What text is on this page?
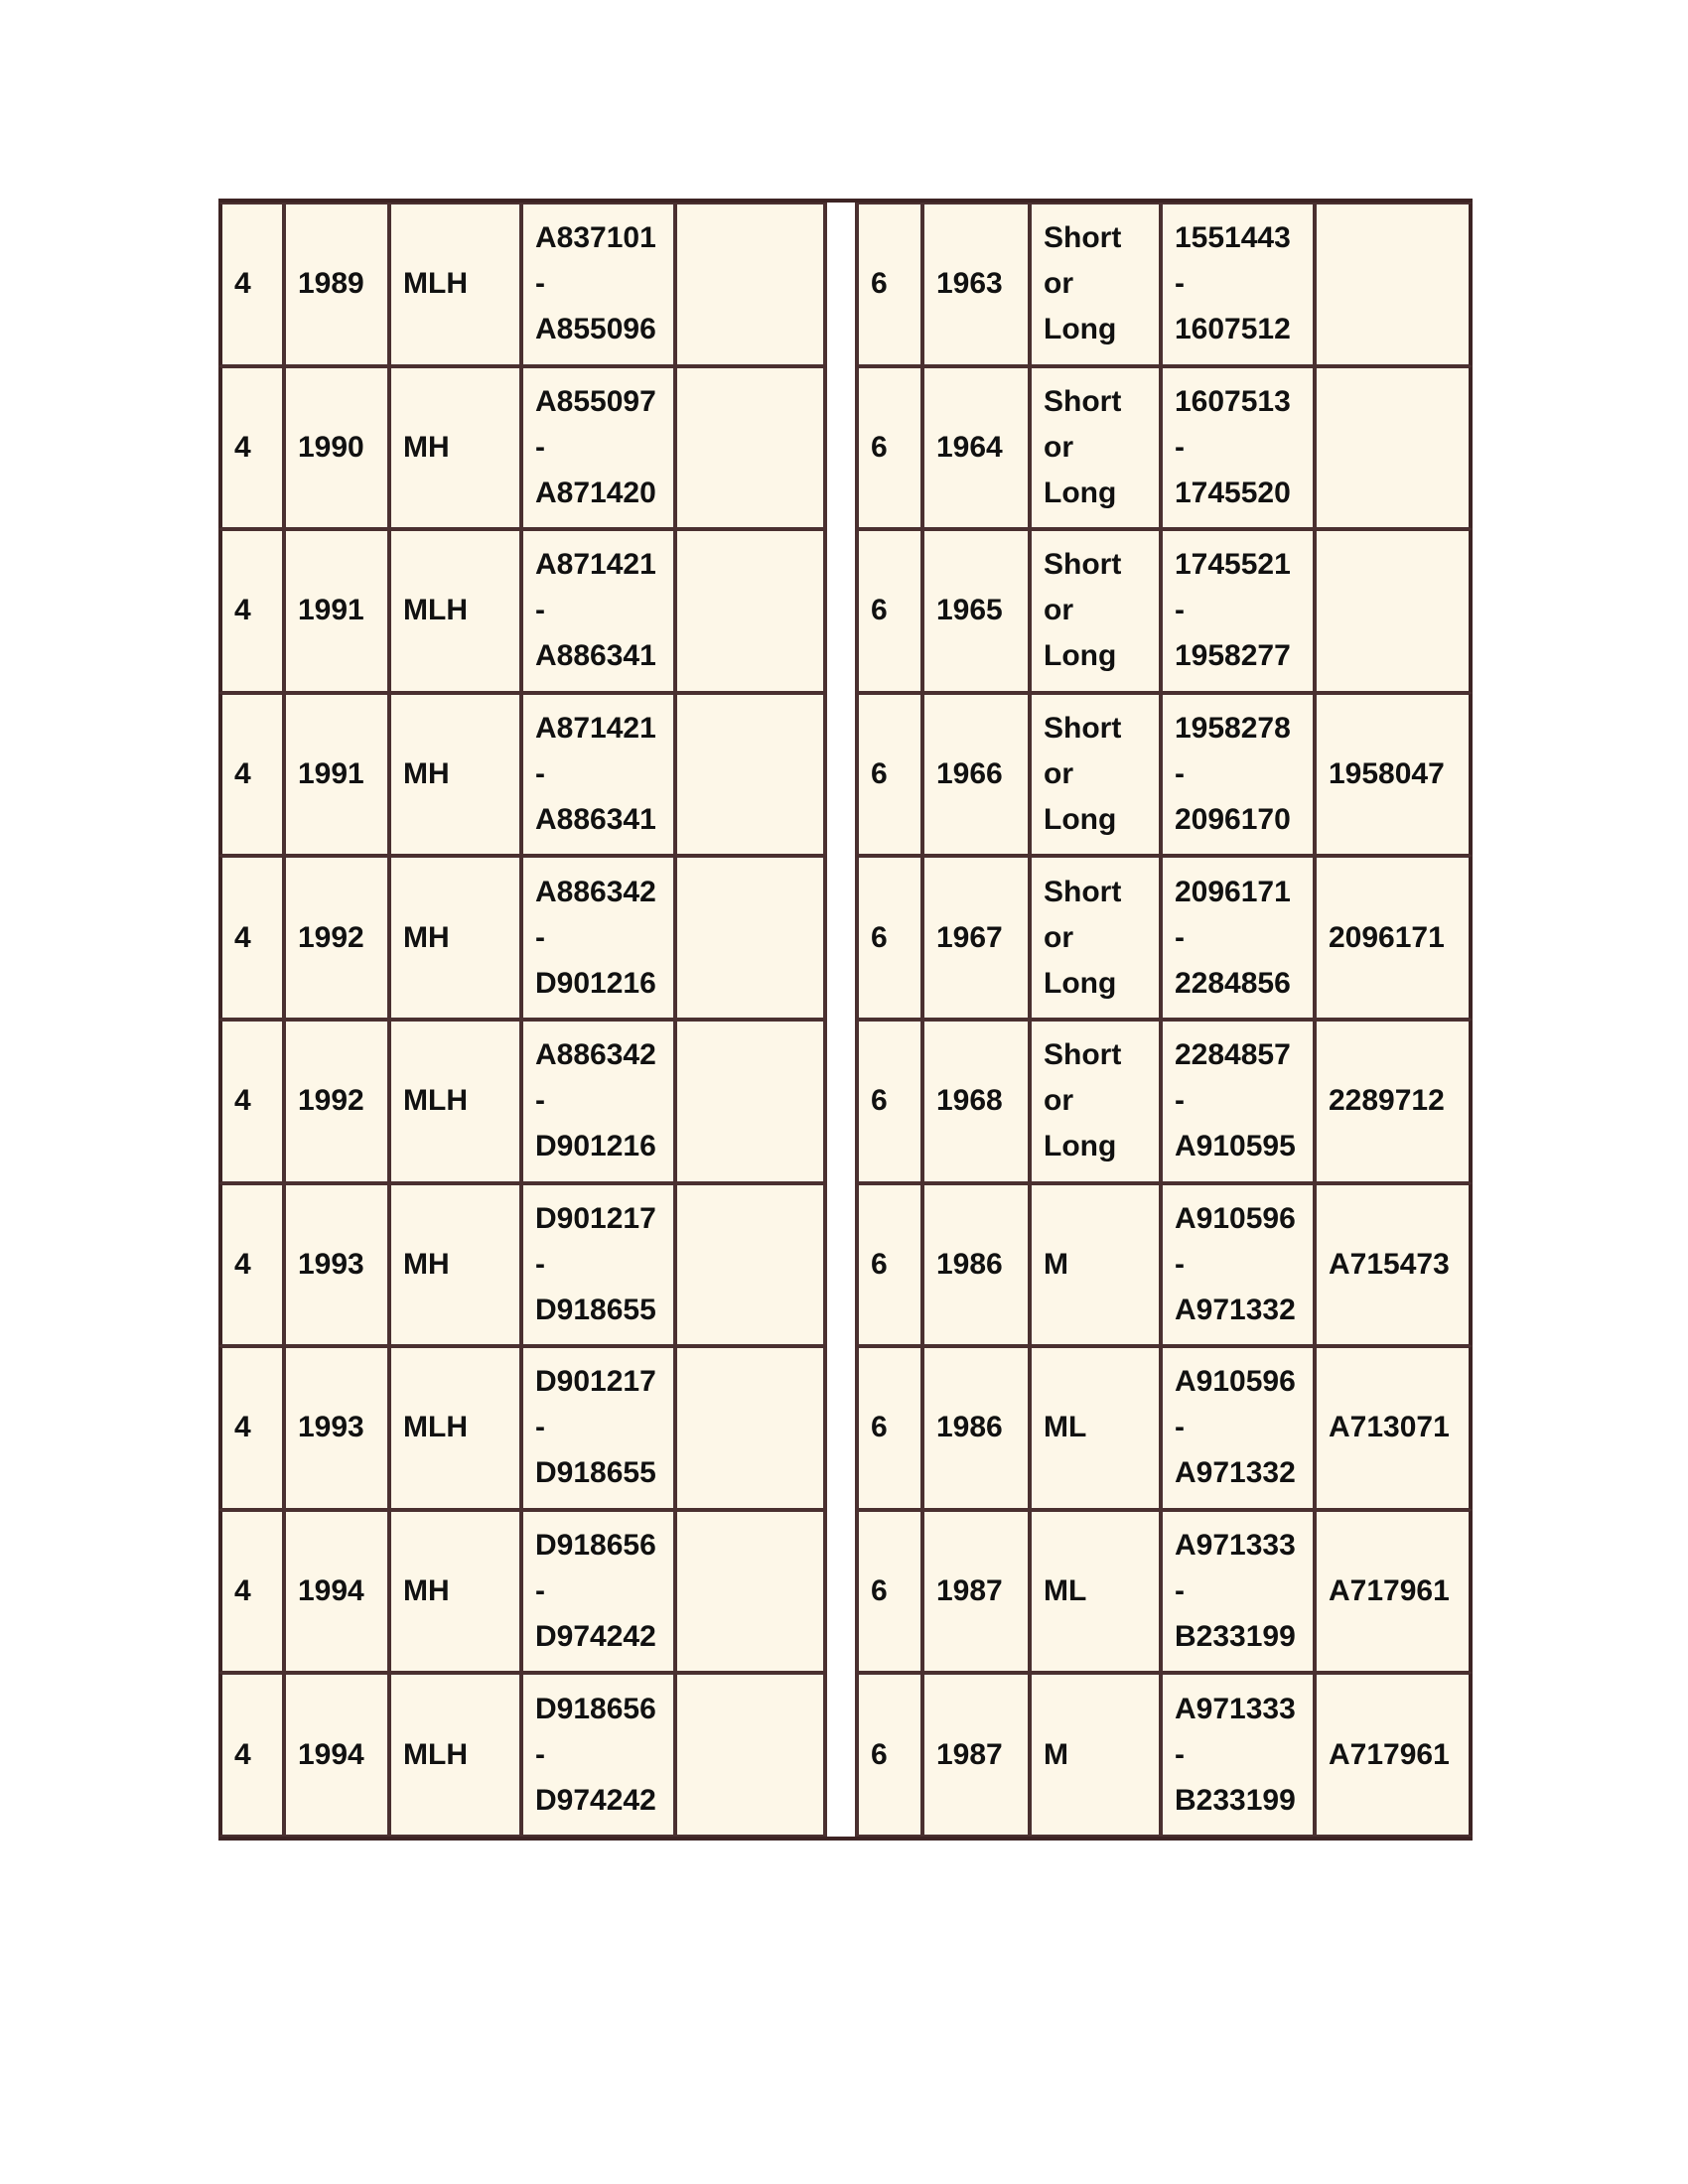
4	1989	MLH	A837101
-
A855096			6	1963	Short
or
Long	1551443
-
1607512	

4	1990	MH	A855097
-
A871420			6	1964	Short
or
Long	1607513
-
1745520	

4	1991	MLH	A871421
-
A886341			6	1965	Short
or
Long	1745521
-
1958277	

4	1991	MH	A871421
-
A886341			6	1966	Short
or
Long	1958278
-
2096170	1958047
4	1992	MH	A886342
-
D901216			6	1967	Short
or
Long	2096171
-
2284856	2096171
4	1992	MLH	A886342
-
D901216			6	1968	Short
or
Long	2284857
-
A910595	2289712
4	1993	MH	D901217
-
D918655			6	1986	M	A910596
-
A971332	A715473
4	1993	MLH	D901217
-
D918655			6	1986	ML	A910596
-
A971332	A713071
4	1994	MH	D918656
-
D974242			6	1987	ML	A971333
-
B233199	A717961
4	1994	MLH	D918656
-
D974242			6	1987	M	A971333
-
B233199	A717961
